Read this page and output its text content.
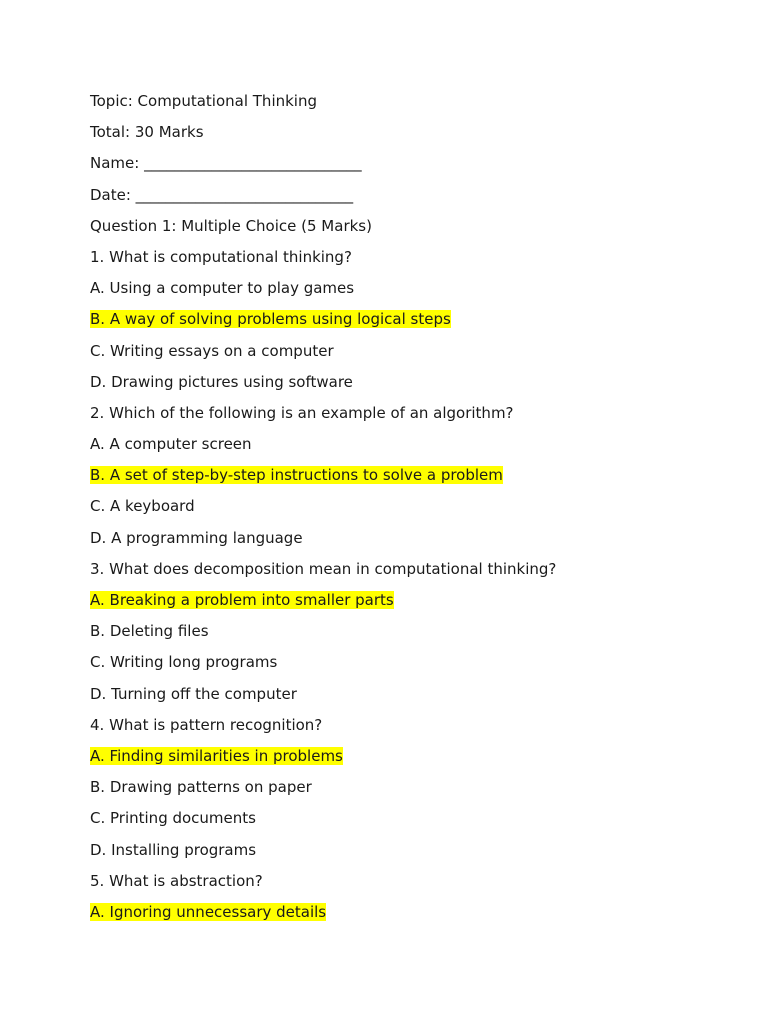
Topic: Computational Thinking
Total: 30 Marks
Name: _____________________________
Date: _____________________________
Question 1: Multiple Choice (5 Marks)
1. What is computational thinking?
A. Using a computer to play games
B. A way of solving problems using logical steps
C. Writing essays on a computer
D. Drawing pictures using software
2. Which of the following is an example of an algorithm?
A. A computer screen
B. A set of step-by-step instructions to solve a problem
C. A keyboard
D. A programming language
3. What does decomposition mean in computational thinking?
A. Breaking a problem into smaller parts
B. Deleting files
C. Writing long programs
D. Turning off the computer
4. What is pattern recognition?
A. Finding similarities in problems
B. Drawing patterns on paper
C. Printing documents
D. Installing programs
5. What is abstraction?
A. Ignoring unnecessary details
